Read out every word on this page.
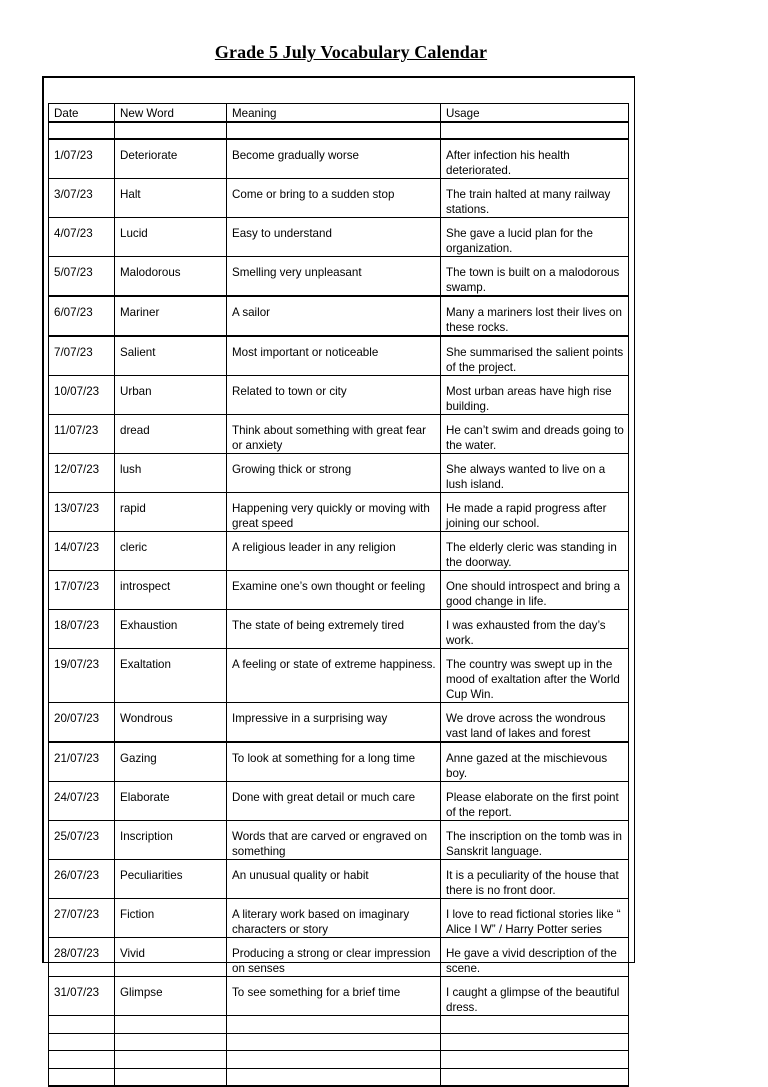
Grade 5 July Vocabulary Calendar
Date	New Word	Meaning	Usage

1/07/23	Deteriorate	Become gradually worse	After infection his health deteriorated.
3/07/23	Halt	Come or bring to a sudden stop	The train halted at many railway stations.
4/07/23	Lucid	Easy to understand	She gave a lucid plan for the organization.
5/07/23	Malodorous	Smelling very unpleasant	The town is built on a malodorous swamp.
6/07/23	Mariner	A sailor	Many a mariners lost their lives on these rocks.
7/07/23	Salient	Most important or noticeable	She summarised the salient points of the project.
10/07/23	Urban	Related to town or city	Most urban areas have high rise building.
11/07/23	dread	Think about something with great fear or anxiety	He can’t swim and dreads going to the water.
12/07/23	lush	Growing thick or strong	She always wanted to live on a lush island.
13/07/23	rapid	Happening very quickly or moving with great speed	He made a rapid progress after joining our school.
14/07/23	cleric	A religious leader in any religion	The elderly cleric was standing in the doorway.
17/07/23	introspect	Examine one’s own thought or feeling	One should introspect and bring a good change in life.
18/07/23	Exhaustion	The state of being extremely tired	I was exhausted from the day’s work.
19/07/23	Exaltation	A feeling or state of extreme happiness.	The country was swept up in the mood of exaltation after the World Cup Win.
20/07/23	Wondrous	Impressive in a surprising way	We drove across the wondrous vast land of lakes and forest
21/07/23	Gazing	To look at something for a long time	Anne gazed at the mischievous boy.
24/07/23	Elaborate	Done with great detail or much care	Please elaborate on the first point of the report.
25/07/23	Inscription	Words that are carved or engraved on something	The inscription on the tomb was in Sanskrit language.
26/07/23	Peculiarities	An unusual quality or habit	It is a peculiarity of the house that there is no front door.
27/07/23	Fiction	A literary work based on imaginary characters or story	I love to read fictional stories like “ Alice I W” / Harry Potter series
28/07/23	Vivid	Producing a strong or clear impression on senses	He gave a vivid description of the scene.
31/07/23	Glimpse	To see something for a brief time	I caught a glimpse of the beautiful dress.
